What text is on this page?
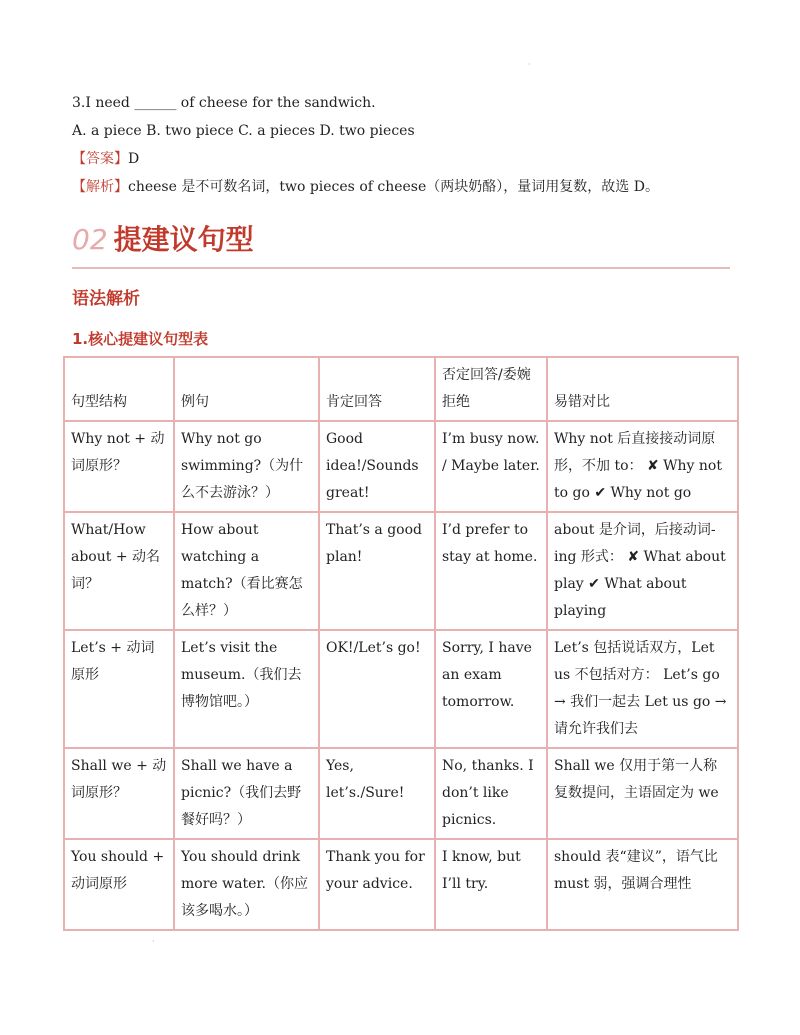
·
3.I need ______ of cheese for the sandwich.
A. a piece B. two piece C. a pieces D. two pieces
【答案】D
【解析】cheese 是不可数名词，two pieces of cheese（两块奶酪），量词用复数，故选 D。
02 提建议句型
语法解析
1.核心提建议句型表
句型结构	例句	肯定回答	否定回答/委婉拒绝	易错对比
Why not + 动词原形？	Why not go swimming?（为什么不去游泳？）	Good idea!/Sounds great!	I’m busy now. / Maybe later.	Why not 后直接接动词原形，不加 to： ✘ Why not to go ✔ Why not go
What/How about + 动名词？	How about watching a match?（看比赛怎么样？）	That’s a good plan!	I’d prefer to stay at home.	about 是介词，后接动词-ing 形式： ✘ What about play ✔ What about playing
Let’s + 动词原形	Let’s visit the museum.（我们去博物馆吧。）	OK!/Let’s go!	Sorry, I have an exam tomorrow.	Let’s 包括说话双方，Let us 不包括对方： Let’s go → 我们一起去 Let us go → 请允许我们去
Shall we + 动词原形？	Shall we have a picnic?（我们去野餐好吗？）	Yes, let’s./Sure!	No, thanks. I don’t like picnics.	Shall we 仅用于第一人称复数提问，主语固定为 we
You should + 动词原形	You should drink more water.（你应该多喝水。）	Thank you for your advice.	I know, but I’ll try.	should 表“建议”，语气比 must 弱，强调合理性
·
